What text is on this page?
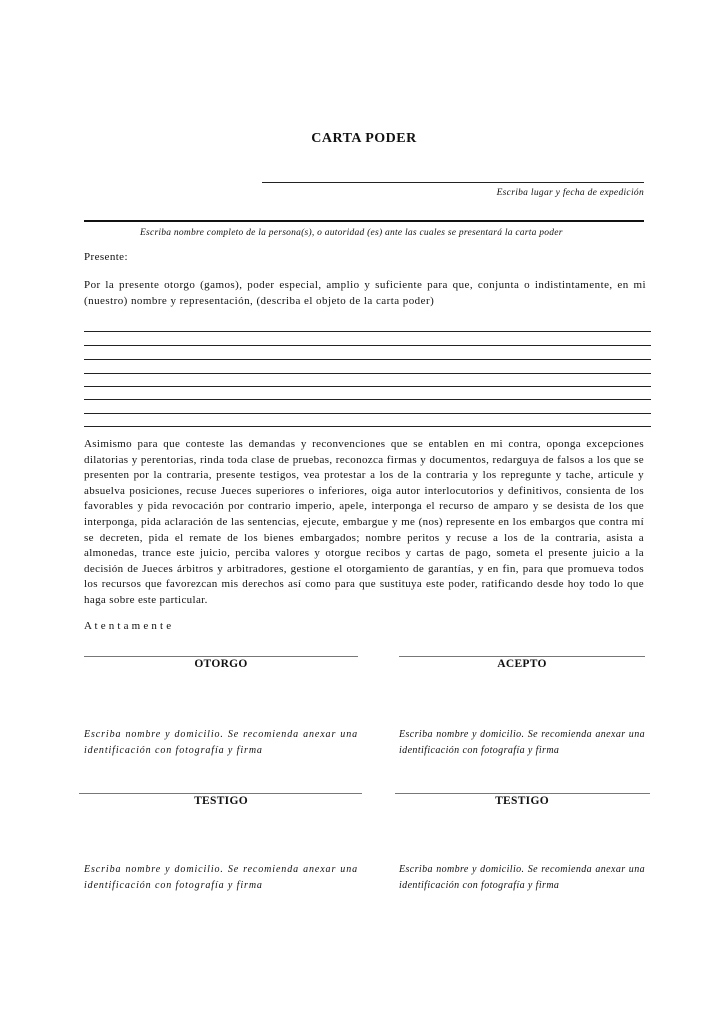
CARTA PODER
Escriba lugar y fecha de expedición
Escriba nombre completo de la persona(s), o autoridad (es) ante las cuales se presentará la carta poder
Presente:
Por la presente otorgo (gamos), poder especial, amplio y suficiente para que, conjunta o indistintamente, en mi (nuestro) nombre y representación, (describa el objeto de la carta poder)
Asimismo para que conteste las demandas y reconvenciones que se entablen en mi contra, oponga excepciones dilatorias y perentorias, rinda toda clase de pruebas, reconozca firmas y documentos, redarguya de falsos a los que se presenten por la contraria, presente testigos, vea protestar a los de la contraria y los repregunte y tache, articule y absuelva posiciones, recuse Jueces superiores o inferiores, oiga autor interlocutorios y definitivos, consienta de los favorables y pida revocación por contrario imperio, apele, interponga el recurso de amparo y se desista de los que interponga, pida aclaración de las sentencias, ejecute, embargue y me (nos) represente en los embargos que contra mí se decreten, pida el remate de los bienes embargados; nombre peritos y recuse a los de la contraria, asista a almonedas, trance este juicio, perciba valores y otorgue recibos y cartas de pago, someta el presente juicio a la decisión de Jueces árbitros y arbitradores, gestione el otorgamiento de garantías, y en fin, para que promueva todos los recursos que favorezcan mis derechos así como para que sustituya este poder, ratificando desde hoy todo lo que haga sobre este particular.
A t e n t a m e n t e
OTORGO	ACEPTO
Escriba nombre y domicilio. Se recomienda anexar una identificación con fotografía y firma
Escriba nombre y domicilio. Se recomienda anexar una identificación con fotografía y firma
TESTIGO	TESTIGO
Escriba nombre y domicilio. Se recomienda anexar una identificación con fotografía y firma
Escriba nombre y domicilio. Se recomienda anexar una identificación con fotografía y firma
